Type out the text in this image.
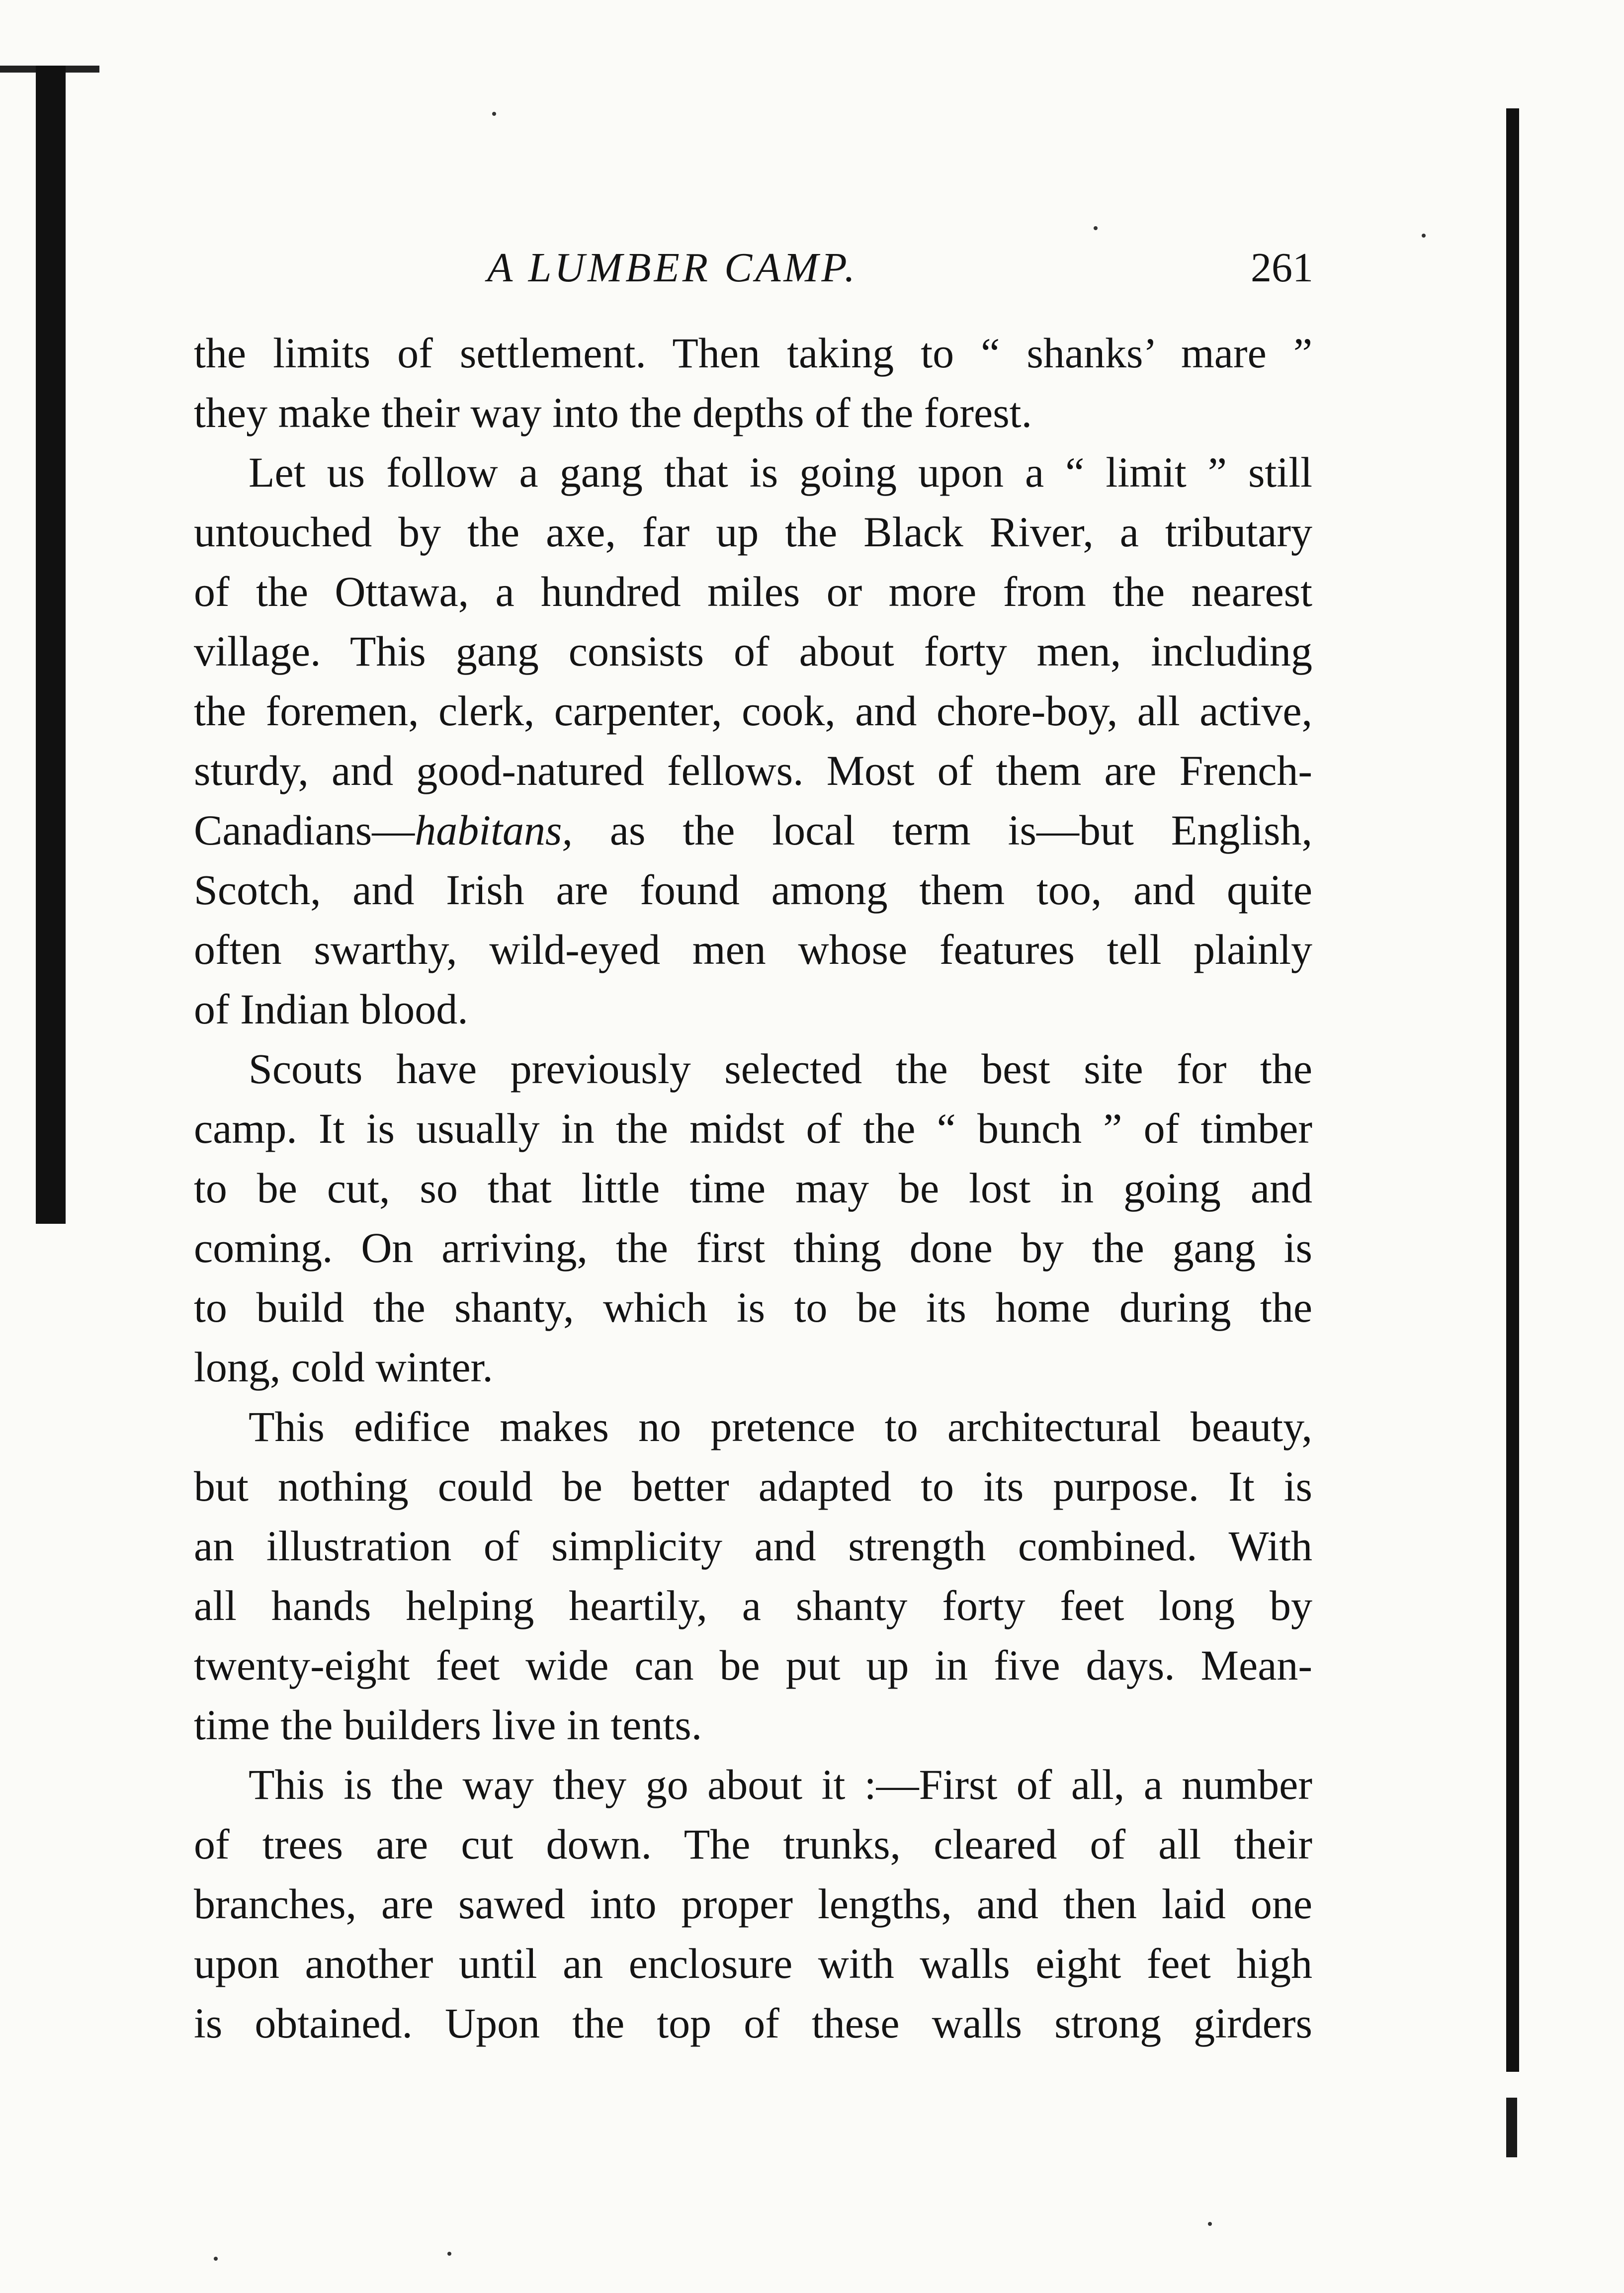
A LUMBER CAMP.	261
the limits of settlement. Then taking to “ shanks’ mare ”
they make their way into the depths of the forest.
Let us follow a gang that is going upon a “ limit ” still
untouched by the axe, far up the Black River, a tributary
of the Ottawa, a hundred miles or more from the nearest
village. This gang consists of about forty men, including
the foremen, clerk, carpenter, cook, and chore-boy, all active,
sturdy, and good-natured fellows. Most of them are French-
Canadians—habitans, as the local term is—but English,
Scotch, and Irish are found among them too, and quite
often swarthy, wild-eyed men whose features tell plainly
of Indian blood.
Scouts have previously selected the best site for the
camp. It is usually in the midst of the “ bunch ” of timber
to be cut, so that little time may be lost in going and
coming. On arriving, the first thing done by the gang is
to build the shanty, which is to be its home during the
long, cold winter.
This edifice makes no pretence to architectural beauty,
but nothing could be better adapted to its purpose. It is
an illustration of simplicity and strength combined. With
all hands helping heartily, a shanty forty feet long by
twenty-eight feet wide can be put up in five days. Mean-
time the builders live in tents.
This is the way they go about it :—First of all, a number
of trees are cut down. The trunks, cleared of all their
branches, are sawed into proper lengths, and then laid one
upon another until an enclosure with walls eight feet high
is obtained. Upon the top of these walls strong girders
